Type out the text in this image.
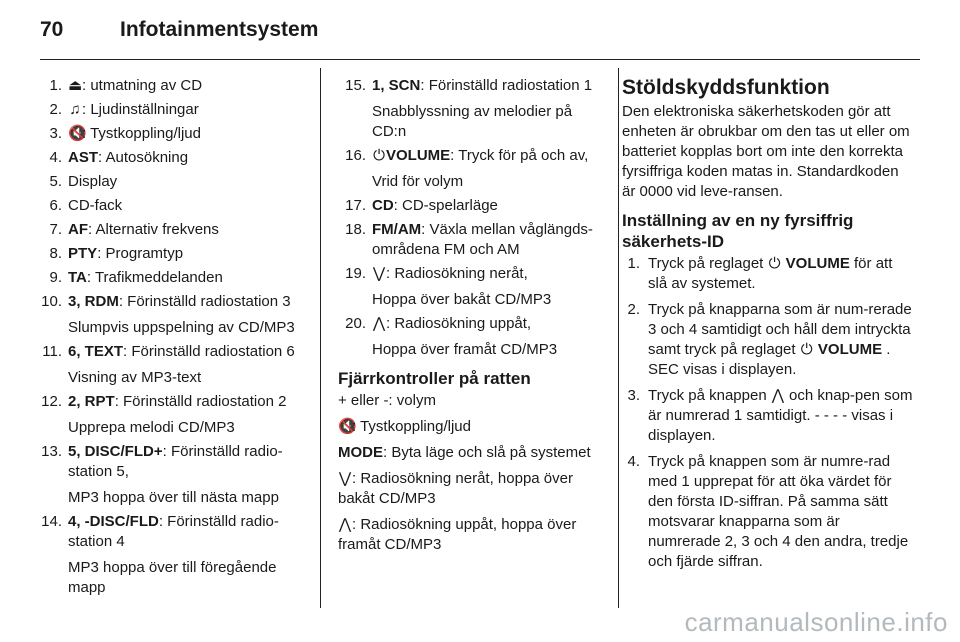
70	Infotainmentsystem
1. ⏏: utmatning av CD
2. ♫: Ljudinställningar
3. 🔇: Tystkoppling/ljud
4. AST: Autosökning
5. Display
6. CD-fack
7. AF: Alternativ frekvens
8. PTY: Programtyp
9. TA: Trafikmeddelanden
10. 3, RDM: Förinställd radiostation 3
Slumpvis uppspelning av CD/MP3
11. 6, TEXT: Förinställd radiostation 6
Visning av MP3-text
12. 2, RPT: Förinställd radiostation 2
Upprepa melodi CD/MP3
13. 5, DISC/FLD+: Förinställd radio-station 5,
MP3 hoppa över till nästa mapp
14. 4, -DISC/FLD: Förinställd radio-station 4
MP3 hoppa över till föregående mapp
15. 1, SCN: Förinställd radiostation 1
Snabblyssning av melodier på CD:n
16. ⏻VOLUME: Tryck för på och av,
Vrid för volym
17. CD: CD-spelarläge
18. FM/AM: Växla mellan våglängds-områdena FM och AM
19. ⋁: Radiosökning neråt,
Hoppa över bakåt CD/MP3
20. ⋀: Radiosökning uppåt,
Hoppa över framåt CD/MP3
Fjärrkontroller på ratten
+ eller -: volym
🔇: Tystkoppling/ljud
MODE: Byta läge och slå på systemet
⋁: Radiosökning neråt, hoppa över bakåt CD/MP3
⋀: Radiosökning uppåt, hoppa över framåt CD/MP3
Stöldskyddsfunktion
Den elektroniska säkerhetskoden gör att enheten är obrukbar om den tas ut eller om batteriet kopplas bort om inte den korrekta fyrsiffriga koden matas in. Standardkoden är 0000 vid leve-ransen.
Inställning av en ny fyrsiffrig säkerhets-ID
1. Tryck på reglaget ⏻ VOLUME för att slå av systemet.
2. Tryck på knapparna som är num-rerade 3 och 4 samtidigt och håll dem intryckta samt tryck på reglaget ⏻ VOLUME . SEC visas i displayen.
3. Tryck på knappen ⋀ och knap-pen som är numrerad 1 samtidigt. - - - - visas i displayen.
4. Tryck på knappen som är numre-rad med 1 upprepat för att öka värdet för den första ID-siffran. På samma sätt motsvarar knapparna som är numrerade 2, 3 och 4 den andra, tredje och fjärde siffran.
carmanualsonline.info
